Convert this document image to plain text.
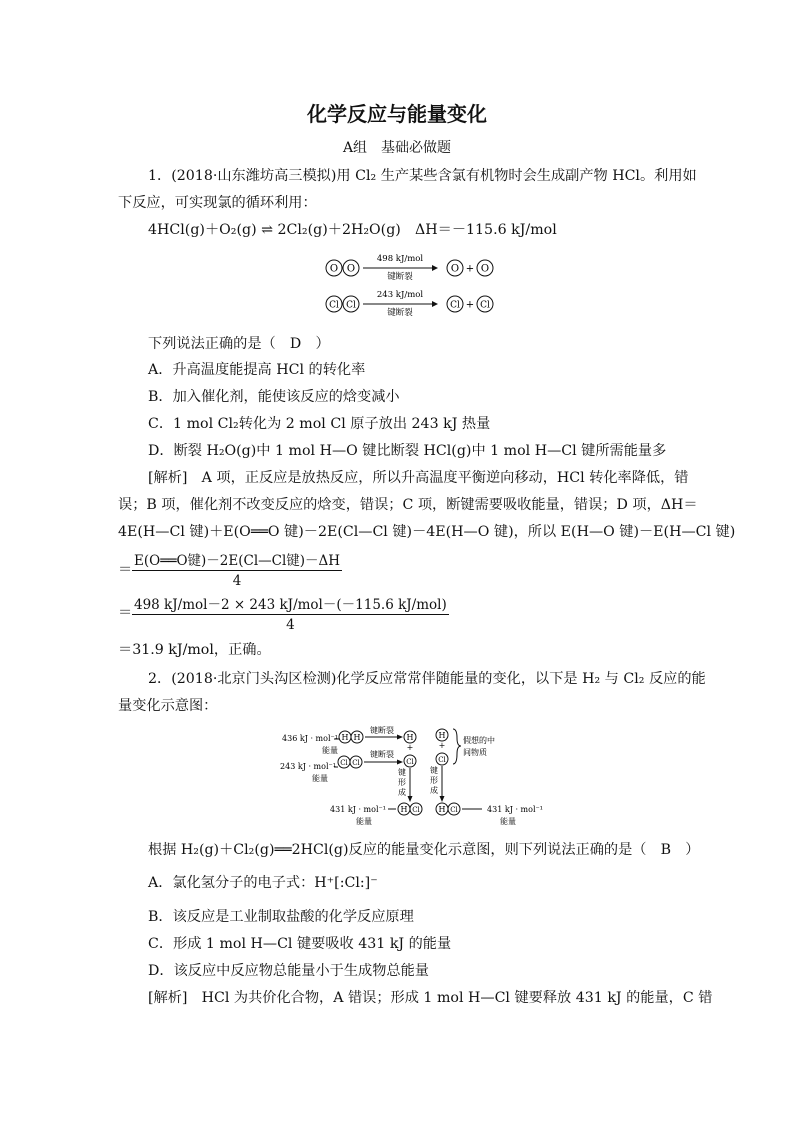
化学反应与能量变化
A组　基础必做题
1．(2018·山东潍坊高三模拟)用 Cl₂ 生产某些含氯有机物时会生成副产物 HCl。利用如
下反应，可实现氯的循环利用：
4HCl(g)＋O₂(g) ⇌ 2Cl₂(g)＋2H₂O(g)　ΔH＝－115.6 kJ/mol
O O
498 kJ/mol
键断裂
O + O
Cl Cl
243 kJ/mol
键断裂
Cl + Cl
下列说法正确的是（　D　）
A．升高温度能提高 HCl 的转化率
B．加入催化剂，能使该反应的焓变减小
C．1 mol Cl₂转化为 2 mol Cl 原子放出 243 kJ 热量
D．断裂 H₂O(g)中 1 mol H—O 键比断裂 HCl(g)中 1 mol H—Cl 键所需能量多
[解析]　A 项，正反应是放热反应，所以升高温度平衡逆向移动，HCl 转化率降低，错
误；B 项，催化剂不改变反应的焓变，错误；C 项，断键需要吸收能量，错误；D 项，ΔH＝
4E(H—Cl 键)＋E(O══O 键)－2E(Cl—Cl 键)－4E(H—O 键)，所以 E(H—O 键)－E(H—Cl 键)
＝
E(O══O键)－2E(Cl—Cl键)－ΔH
4
＝ 498 kJ/mol－2 × 243 kJ/mol－(－115.6 kJ/mol)
4
＝31.9 kJ/mol，正确。
2．(2018·北京门头沟区检测)化学反应常常伴随能量的变化，以下是 H₂ 与 Cl₂ 反应的能
量变化示意图：
436 kJ · mol⁻¹
能量
H H
键断裂
243 kJ · mol⁻¹
能量
Cl Cl
键断裂
H
+
Cl
键
形
成
H
+
Cl
假想的中
间物质
键
形
成
H Cl
431 kJ · mol⁻¹
能量
H Cl	431 kJ · mol⁻¹
能量
根据 H₂(g)＋Cl₂(g)══2HCl(g)反应的能量变化示意图，则下列说法正确的是（　B　）
A．氯化氢分子的电子式：H⁺[:Cl:]⁻
B．该反应是工业制取盐酸的化学反应原理
C．形成 1 mol H—Cl 键要吸收 431 kJ 的能量
D．该反应中反应物总能量小于生成物总能量
[解析]　HCl 为共价化合物，A 错误；形成 1 mol H—Cl 键要释放 431 kJ 的能量，C 错
